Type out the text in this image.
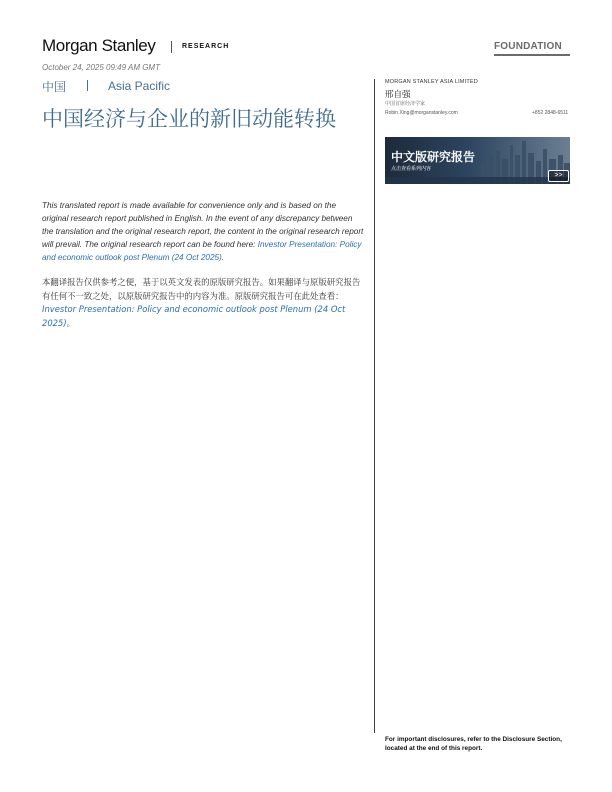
Morgan Stanley	RESEARCH	FOUNDATION
October 24, 2025 09:49 AM GMT
中国	Asia Pacific
中国经济与企业的新旧动能转换
This translated report is made available for convenience only and is based on the original research report published in English. In the event of any discrepancy between the translation and the original research report, the content in the original research report will prevail. The original research report can be found here: Investor Presentation: Policy and economic outlook post Plenum (24 Oct 2025).
本翻译报告仅供参考之便，基于以英文发表的原版研究报告。如果翻译与原版研究报告有任何不一致之处，以原版研究报告中的内容为准。原版研究报告可在此处查看：Investor Presentation: Policy and economic outlook post Plenum (24 Oct 2025)。
MORGAN STANLEY ASIA LIMITED
邢自强
中国首席经济学家
Robin.Xing@morganstanley.com	+852 2848-6511
中文版研究报告
点击查看系列内容
>>
For important disclosures, refer to the Disclosure Section, located at the end of this report.
